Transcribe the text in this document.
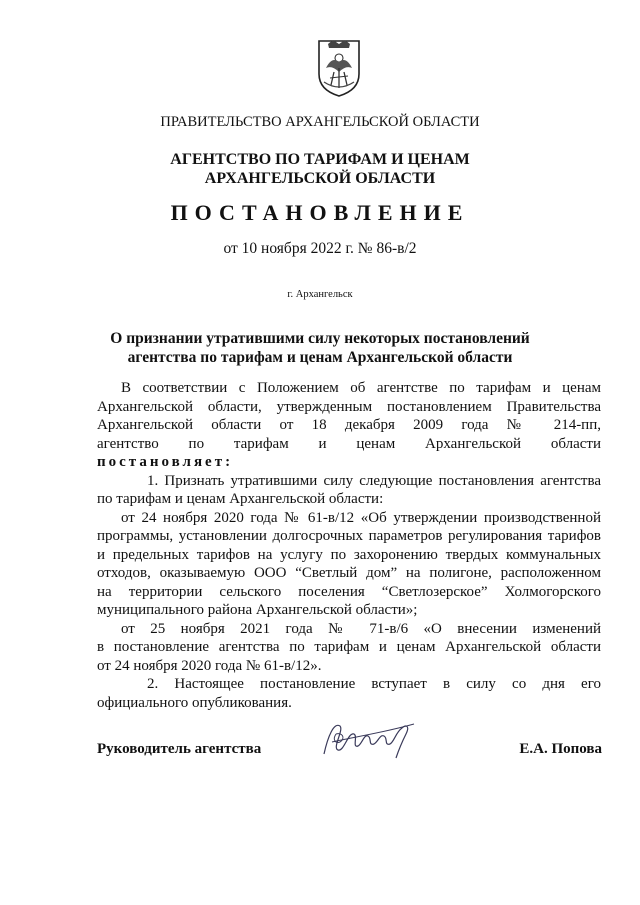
ПРАВИТЕЛЬСТВО АРХАНГЕЛЬСКОЙ ОБЛАСТИ
АГЕНТСТВО ПО ТАРИФАМ И ЦЕНАМ
АРХАНГЕЛЬСКОЙ ОБЛАСТИ
ПОСТАНОВЛЕНИЕ
от 10 ноября 2022 г. № 86-в/2
г. Архангельск
О признании утратившими силу некоторых постановлений
агентства по тарифам и ценам Архангельской области
В соответствии с Положением об агентстве по тарифам и ценам
Архангельской области, утвержденным постановлением Правительства
Архангельской области от 18 декабря 2009 года № 214-пп,
агентство по тарифам и ценам Архангельской области
постановляет:
1. Признать утратившими силу следующие постановления агентства
по тарифам и ценам Архангельской области:
от 24 ноября 2020 года № 61-в/12 «Об утверждении производственной
программы, установлении долгосрочных параметров регулирования тарифов
и предельных тарифов на услугу по захоронению твердых коммунальных
отходов, оказываемую ООО “Светлый дом” на полигоне, расположенном
на территории сельского поселения “Светлозерское” Холмогорского
муниципального района Архангельской области»;
от 25 ноября 2021 года № 71-в/6 «О внесении изменений
в постановление агентства по тарифам и ценам Архангельской области
от 24 ноября 2020 года № 61-в/12».
2. Настоящее постановление вступает в силу со дня его
официального опубликования.
Руководитель агентства	Е.А. Попова
